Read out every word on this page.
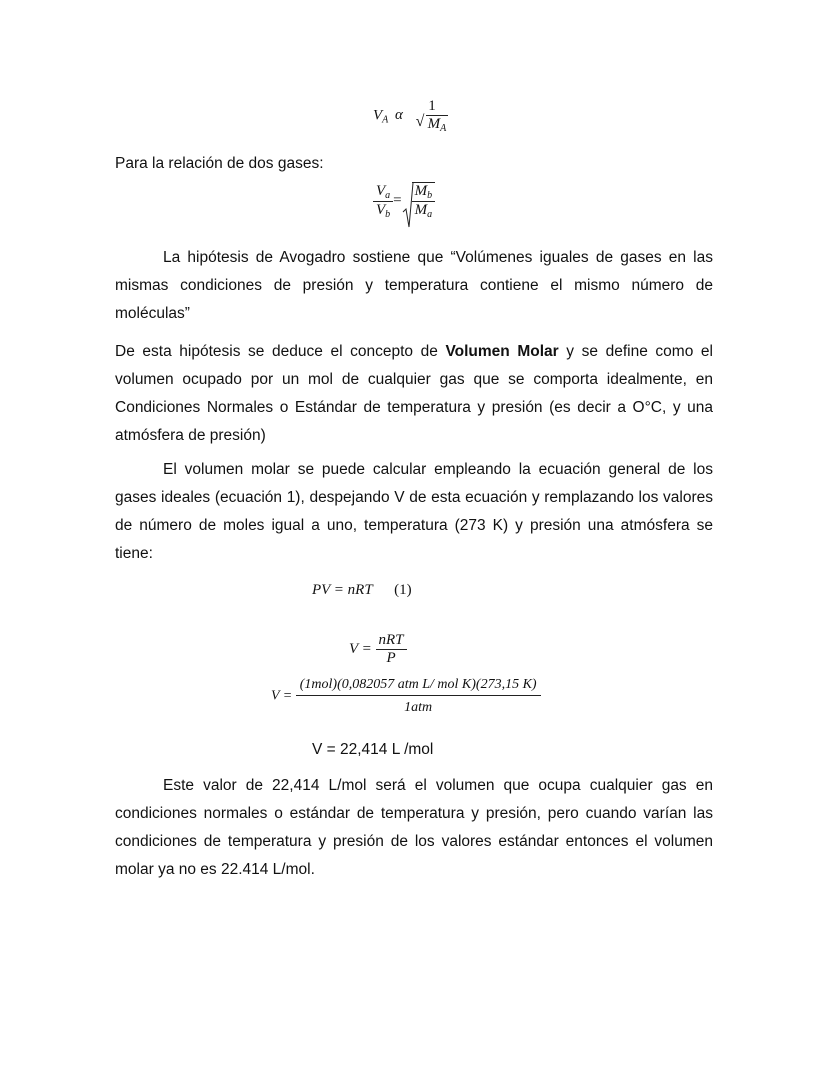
$V_A$ α
1
√ $M_A$

Para la relación de dos gases:

$\frac{V_a}{V_b} = \frac{M_b}{M_a}$

La hipótesis de Avogadro sostiene que “Volúmenes iguales de gases en las mismas condiciones de presión y temperatura contiene el mismo número de moléculas”

De esta hipótesis se deduce el concepto de Volumen Molar y se define como el volumen ocupado por un mol de cualquier gas que se comporta idealmente, en Condiciones Normales o Estándar de temperatura y presión (es decir a O°C, y una atmósfera de presión)

El volumen molar se puede calcular empleando la ecuación general de los gases ideales (ecuación 1), despejando V de esta ecuación y remplazando los valores de número de moles igual a uno, temperatura (273 K) y presión una atmósfera se tiene:

PV = nRT (1)
$V = \frac{\text{nRT}}{P}$
$V = \frac{\text{(1mol)(0,082057 atm L/ mol K)(273,15 K)}}{\text{1atm}}$

V = 22,414 L /mol

Este valor de 22,414 L/mol será el volumen que ocupa cualquier gas en condiciones normales o estándar de temperatura y presión, pero cuando varían las condiciones de temperatura y presión de los valores estándar entonces el volumen molar ya no es 22.414 L/mol.
